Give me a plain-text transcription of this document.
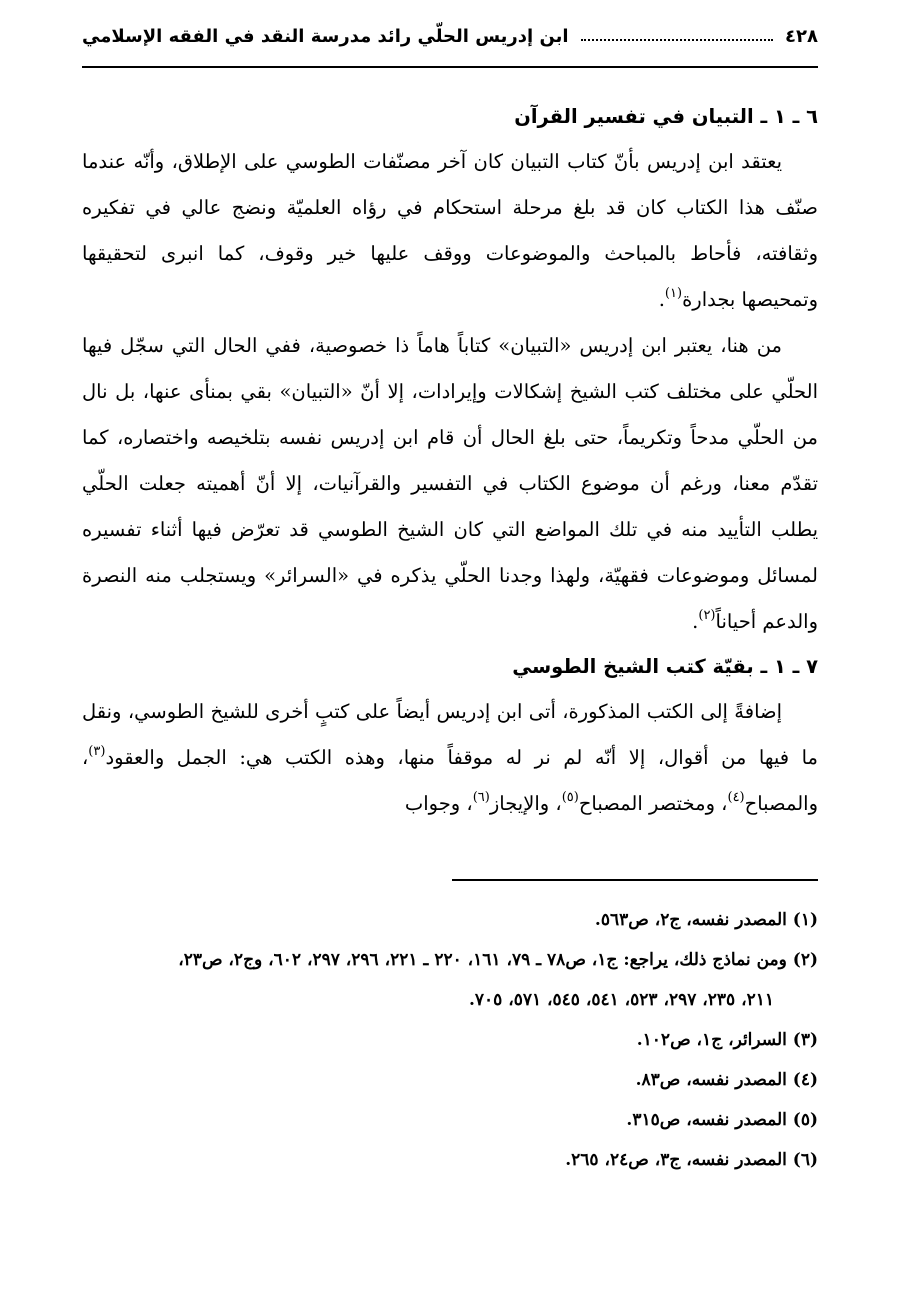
٤٢٨
ابن إدريس الحلّي رائد مدرسة النقد في الفقه الإسلامي
٦ ـ ١ ـ التبيان في تفسير القرآن

يعتقد ابن إدريس بأنّ كتاب التبيان كان آخر مصنّفات الطوسي على الإطلاق، وأنّه عندما صنّف هذا الكتاب كان قد بلغ مرحلة استحكام في رؤاه العلميّة ونضج عالي في تفكيره وثقافته، فأحاط بالمباحث والموضوعات ووقف عليها خير وقوف، كما انبرى لتحقيقها وتمحيصها بجدارة$^{(١)}$.

من هنا، يعتبر ابن إدريس «التبيان» كتاباً هاماً ذا خصوصية، ففي الحال التي سجّل فيها الحلّي على مختلف كتب الشيخ إشكالات وإيرادات، إلا أنّ «التبيان» بقي بمنأى عنها، بل نال من الحلّي مدحاً وتكريماً، حتى بلغ الحال أن قام ابن إدريس نفسه بتلخيصه واختصاره، كما تقدّم معنا، ورغم أن موضوع الكتاب في التفسير والقرآنيات، إلا أنّ أهميته جعلت الحلّي يطلب التأييد منه في تلك المواضع التي كان الشيخ الطوسي قد تعرّض فيها أثناء تفسيره لمسائل وموضوعات فقهيّة، ولهذا وجدنا الحلّي يذكره في «السرائر» ويستجلب منه النصرة والدعم أحياناً$^{(٢)}$.

٧ ـ ١ ـ بقيّة كتب الشيخ الطوسي

إضافةً إلى الكتب المذكورة، أتى ابن إدريس أيضاً على كتبٍ أخرى للشيخ الطوسي، ونقل ما فيها من أقوال، إلا أنّه لم نر له موقفاً منها، وهذه الكتب هي: الجمل والعقود$^{(٣)}$، والمصباح$^{(٤)}$، ومختصر المصباح$^{(٥)}$، والإيجاز$^{(٦)}$، وجواب

(١) المصدر نفسه، ج٢، ص٥٦٣.

(٢) ومن نماذج ذلك، يراجع: ج١، ص٧٨ ـ ٧٩، ١٦١، ٢٢٠ ـ ٢٢١، ٢٩٦، ٢٩٧، ٦٠٢، وج٢، ص٢٣،

٢١١، ٢٣٥، ٢٩٧، ٥٢٣، ٥٤١، ٥٤٥، ٥٧١، ٧٠٥.

(٣) السرائر، ج١، ص١٠٢.

(٤) المصدر نفسه، ص٨٣.

(٥) المصدر نفسه، ص٣١٥.

(٦) المصدر نفسه، ج٣، ص٢٤، ٢٦٥.
